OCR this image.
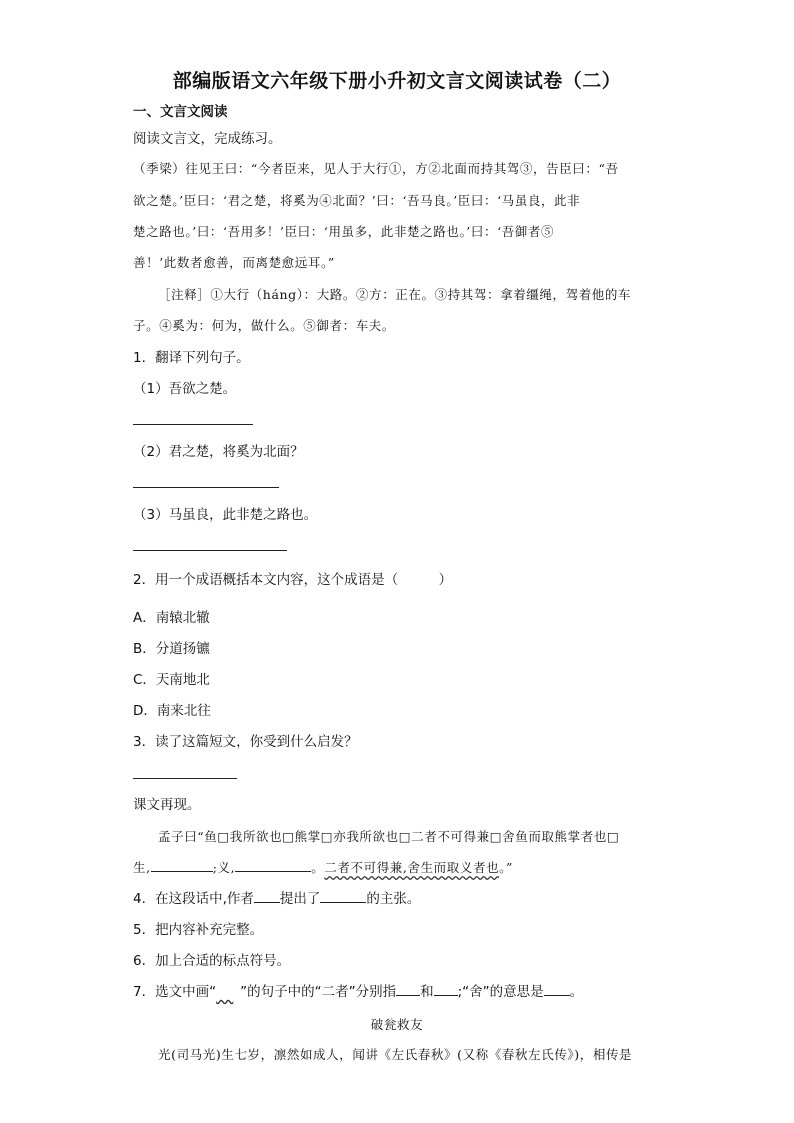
部编版语文六年级下册小升初文言文阅读试卷（二）
一、文言文阅读
阅读文言文，完成练习。
（季梁）往见王曰：“今者臣来，见人于大行①，方②北面而持其驾③，告臣曰：“吾
欲之楚。’臣曰：‘君之楚，将奚为④北面？’曰：‘吾马良。’臣曰：‘马虽良，此非
楚之路也。’曰：‘吾用多！’臣曰：‘用虽多，此非楚之路也。’曰：‘吾御者⑤
善！’此数者愈善，而离楚愈远耳。”
［注释］①大行（háng）：大路。②方：正在。③持其驾：拿着缰绳，驾着他的车
子。④奚为：何为，做什么。⑤御者：车夫。
1．翻译下列句子。
（1）吾欲之楚。
（2）君之楚，将奚为北面？
（3）马虽良，此非楚之路也。
2．用一个成语概括本文内容，这个成语是（　　　）
A．南辕北辙
B．分道扬镳
C．天南地北
D．南来北往
3．读了这篇短文，你受到什么启发？
课文再现。
孟子曰“鱼□我所欲也□熊掌□亦我所欲也□二者不可得兼□舍鱼而取熊掌者也□
生,	;义,	。二者不可得兼,舍生而取义者也。”
4．在这段话中,作者 提出了	的主张。
5．把内容补充完整。
6．加上合适的标点符号。
7．选文中画“ ”的句子中的“二者”分别指 和 ;“舍”的意思是 。
破瓮救友
光(司马光)生七岁，凛然如成人，闻讲《左氏春秋》(又称《春秋左氏传》)，相传是
